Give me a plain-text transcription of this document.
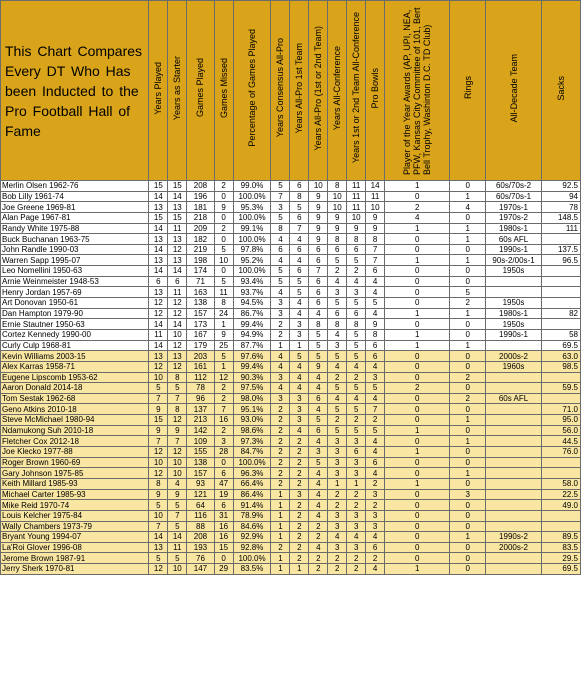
This Chart Compares Every DT Who Has been Inducted to the Pro Football Hall of Fame	Years Played	Years as Starter	Games Played	Games Missed	Percentage of Games Played	Years Consensus All-Pro	Years All-Pro 1st Team	Years All-Pro (1st or 2nd Team)	Years All-Conference	Years 1st or 2nd Team All-Conference	Pro Bowls	Player of the Year Awards (AP, UPI, NEA, PFW, Kansas City Committee of 101, Bert Bell Trophy, Washinton D.C. TD Club)	Rings	All-Decade Team	Sacks
Merlin Olsen 1962-76	15	15	208	2	99.0%	5	6	10	8	11	14	1	0	60s/70s-2	92.5
Bob Lilly 1961-74	14	14	196	0	100.0%	7	8	9	10	11	11	0	1	60s/70s-1	94
Joe Greene 1969-81	13	13	181	9	95.3%	3	5	9	10	11	10	2	4	1970s-1	78
Alan Page 1967-81	15	15	218	0	100.0%	5	6	9	9	10	9	4	0	1970s-2	148.5
Randy White 1975-88	14	11	209	2	99.1%	8	7	9	9	9	9	1	1	1980s-1	111
Buck Buchanan 1963-75	13	13	182	0	100.0%	4	4	9	8	8	8	0	1	60s AFL	
John Randle 1990-03	14	12	219	5	97.8%	6	6	6	6	6	7	0	0	1990s-1	137.5
Warren Sapp 1995-07	13	13	198	10	95.2%	4	4	6	5	5	7	1	1	90s-2/00s-1	96.5
Leo Nomellini 1950-63	14	14	174	0	100.0%	5	6	7	2	2	6	0	0	1950s	
Arnie Weinmeister 1948-53	6	6	71	5	93.4%	5	5	6	4	4	4	0	0		
Henry Jordan 1957-69	13	11	163	11	93.7%	4	5	6	3	3	4	0	5		
Art Donovan 1950-61	12	12	138	8	94.5%	3	4	6	5	5	5	0	2	1950s	
Dan Hampton 1979-90	12	12	157	24	86.7%	3	4	4	6	6	4	1	1	1980s-1	82
Ernie Stautner 1950-63	14	14	173	1	99.4%	2	3	8	8	8	9	0	0	1950s	
Cortez Kennedy 1990-00	11	10	167	9	94.9%	2	3	5	4	5	8	1	0	1990s-1	58
Curly Culp 1968-81	14	12	179	25	87.7%	1	1	5	3	5	6	1	1		69.5
Kevin Williams 2003-15	13	13	203	5	97.6%	4	5	5	5	5	6	0	0	2000s-2	63.0
Alex Karras 1958-71	12	12	161	1	99.4%	4	4	9	4	4	4	0	0	1960s	98.5
Eugene Lipscomb 1953-62	10	8	112	12	90.3%	3	4	4	2	2	3	0	2		
Aaron Donald 2014-18	5	5	78	2	97.5%	4	4	4	5	5	5	2	0		59.5
Tom Sestak 1962-68	7	7	96	2	98.0%	3	3	6	4	4	4	0	2	60s AFL	
Geno Atkins 2010-18	9	8	137	7	95.1%	2	3	4	5	5	7	0	0		71.0
Steve McMichael 1980-94	15	12	213	16	93.0%	2	3	5	2	2	2	0	1		95.0
Ndamukong Suh 2010-18	9	9	142	2	98.6%	2	4	6	5	5	5	1	0		56.0
Fletcher Cox 2012-18	7	7	109	3	97.3%	2	2	4	3	3	4	0	1		44.5
Joe Klecko 1977-88	12	12	155	28	84.7%	2	2	3	3	6	4	1	0		76.0
Roger Brown 1960-69	10	10	138	0	100.0%	2	2	5	3	3	6	0	0		
Gary Johnson 1975-85	12	10	157	6	96.3%	2	2	4	3	3	4	0	1		
Keith Millard 1985-93	8	4	93	47	66.4%	2	2	4	1	1	2	1	0		58.0
Michael Carter 1985-93	9	9	121	19	86.4%	1	3	4	2	2	3	0	3		22.5
Mike Reid 1970-74	5	5	64	6	91.4%	1	2	4	2	2	2	0	0		49.0
Louis Kelcher 1975-84	10	7	116	31	78.9%	1	2	4	3	3	3	0	0		
Wally Chambers 1973-79	7	5	88	16	84.6%	1	2	2	3	3	3	0	0		
Bryant Young 1994-07	14	14	208	16	92.9%	1	2	2	4	4	4	0	1	1990s-2	89.5
La'Roi Glover 1996-08	13	11	193	15	92.8%	2	2	4	3	3	6	0	0	2000s-2	83.5
Jerome Brown 1987-91	5	5	76	0	100.0%	1	2	2	2	2	2	0	0		29.5
Jerry Sherk 1970-81	12	10	147	29	83.5%	1	1	2	2	2	4	1	0		69.5
